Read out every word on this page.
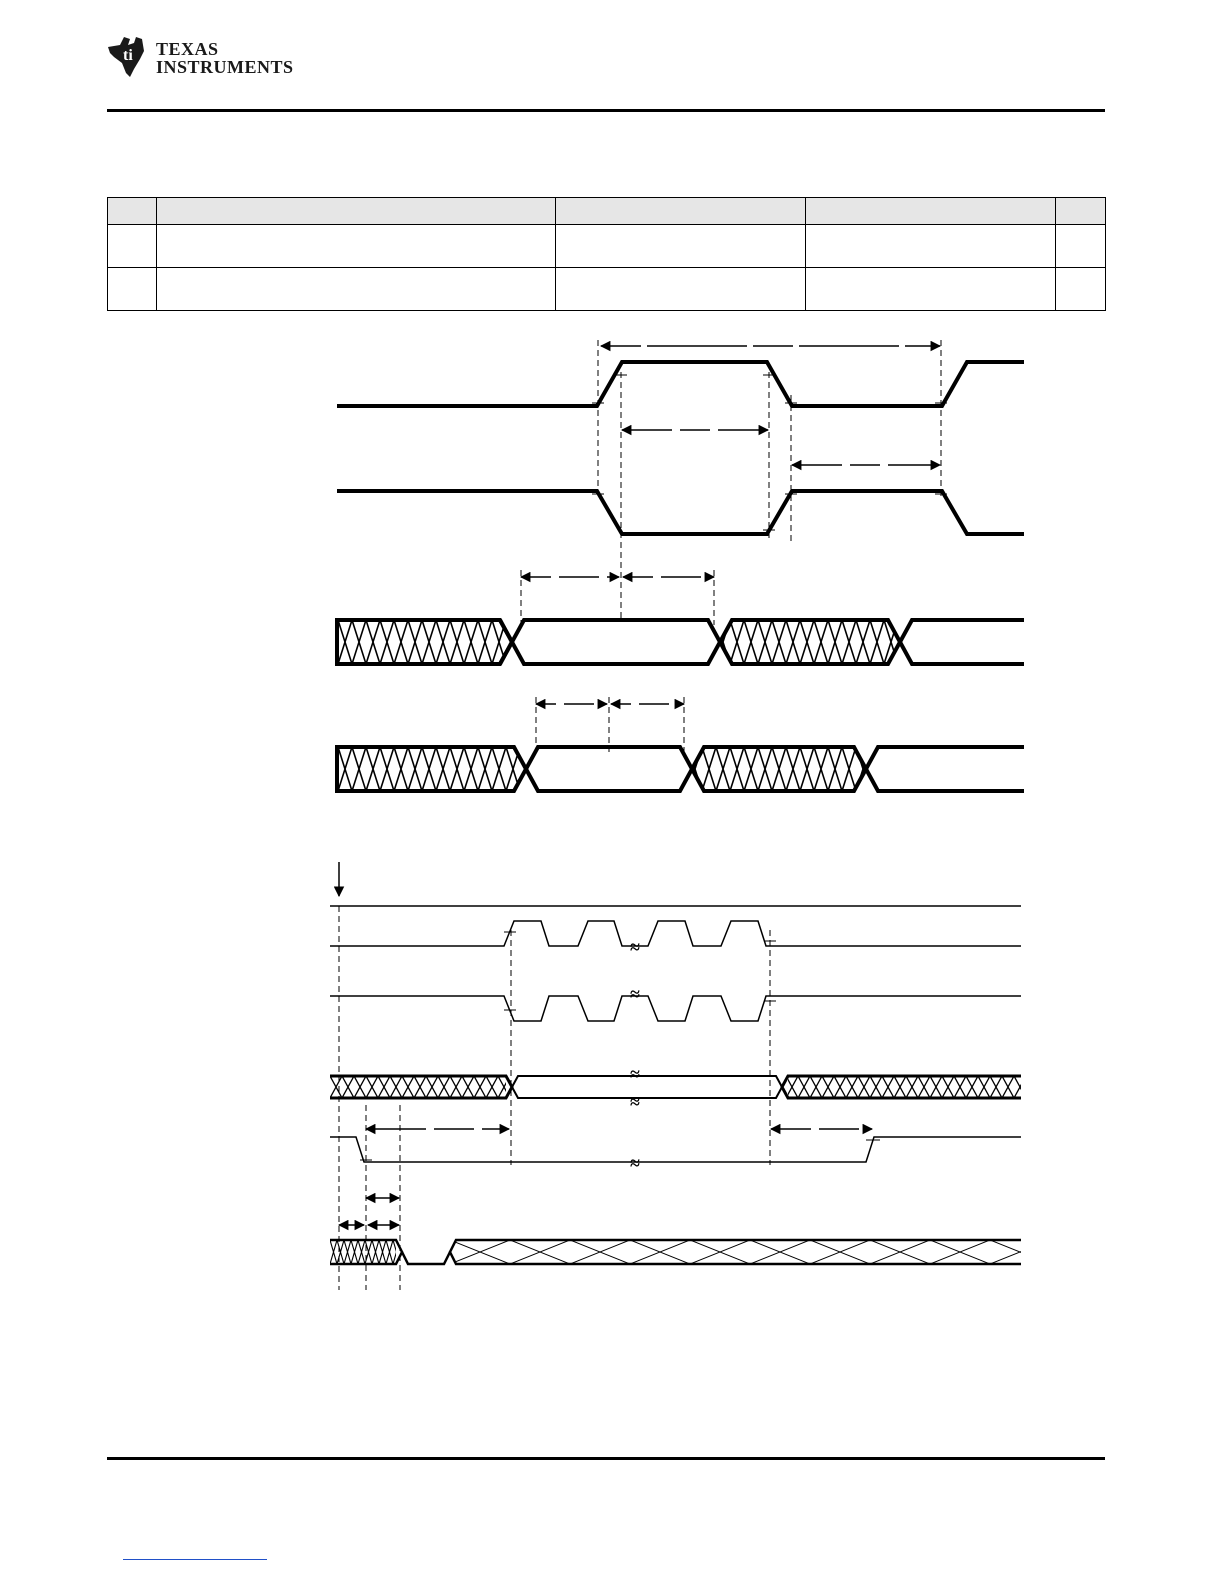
ti TEXAS
INSTRUMENTS

≈
≈
≈
≈
≈
